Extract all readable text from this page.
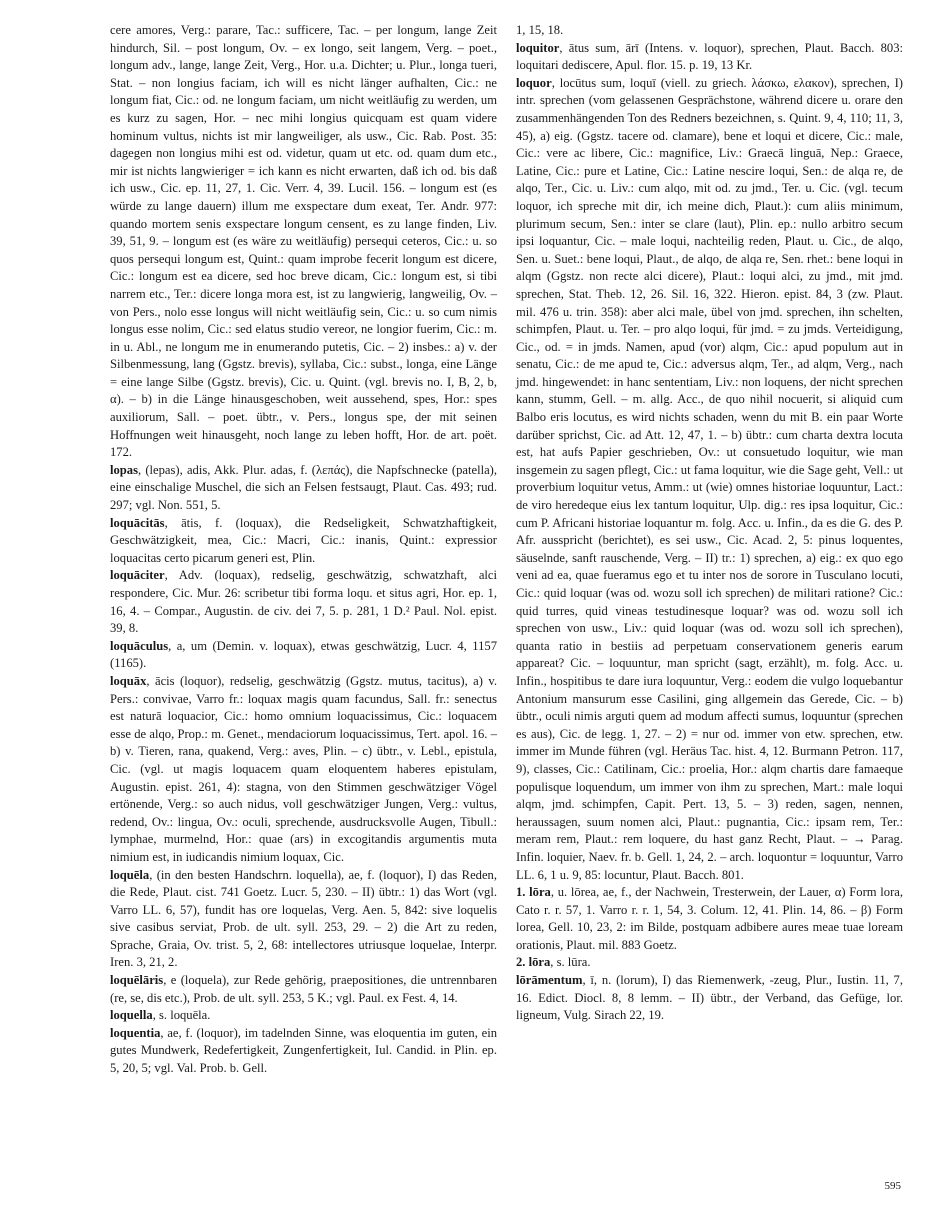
cere amores, Verg.: parare, Tac.: sufficere, Tac. – per longum, lange Zeit hindurch, Sil. – post longum, Ov. – ex longo, seit langem, Verg. – poet., longum adv., lange, lange Zeit, Verg., Hor. u.a. Dichter; u. Plur., longa tueri, Stat. – non longius faciam, ich will es nicht länger aufhalten, Cic.: ne longum fiat, Cic.: od. ne longum faciam, um nicht weitläufig zu werden, um es kurz zu sagen, Hor. – nec mihi longius quicquam est quam videre hominum vultus, nichts ist mir langweiliger, als usw., Cic. Rab. Post. 35: dagegen non longius mihi est od. videtur, quam ut etc. od. quam dum etc., mir ist nichts langwieriger = ich kann es nicht erwarten, daß ich od. bis daß ich usw., Cic. ep. 11, 27, 1. Cic. Verr. 4, 39. Lucil. 156. – longum est (es würde zu lange dauern) illum me exspectare dum exeat, Ter. Andr. 977: quando mortem senis exspectare longum censent, es zu lange finden, Liv. 39, 51, 9. – longum est (es wäre zu weitläufig) persequi ceteros, Cic.: u. so quos persequi longum est, Quint.: quam improbe fecerit longum est dicere, Cic.: longum est ea dicere, sed hoc breve dicam, Cic.: longum est, si tibi narrem etc., Ter.: dicere longa mora est, ist zu langwierig, langweilig, Ov. – von Pers., nolo esse longus will nicht weitläufig sein, Cic.: u. so cum nimis longus esse nolim, Cic.: sed elatus studio vereor, ne longior fuerim, Cic.: m. in u. Abl., ne longum me in enumerando putetis, Cic. – 2) insbes.: a) v. der Silbenmessung, lang (Ggstz. brevis), syllaba, Cic.: subst., longa, eine Länge = eine lange Silbe (Ggstz. brevis), Cic. u. Quint. (vgl. brevis no. I, B, 2, b, α). – b) in die Länge hinausgeschoben, weit aussehend, spes, Hor.: spes auxiliorum, Sall. – poet. übtr., v. Pers., longus spe, der mit seinen Hoffnungen weit hinausgeht, noch lange zu leben hofft, Hor. de art. poët. 172.

lopas, (lepas), adis, Akk. Plur. adas, f. (λεπάς), die Napfschnecke (patella), eine einschalige Muschel, die sich an Felsen festsaugt, Plaut. Cas. 493; rud. 297; vgl. Non. 551, 5.

loquācitās, ātis, f. (loquax), die Redseligkeit, Schwatzhaftigkeit, Geschwätzigkeit, mea, Cic.: Macri, Cic.: inanis, Quint.: expressior loquacitas certo picarum generi est, Plin.

loquāciter, Adv. (loquax), redselig, geschwätzig, schwatzhaft, alci respondere, Cic. Mur. 26: scribetur tibi forma loqu. et situs agri, Hor. ep. 1, 16, 4. – Compar., Augustin. de civ. dei 7, 5. p. 281, 1 D.² Paul. Nol. epist. 39, 8.

loquāculus, a, um (Demin. v. loquax), etwas geschwätzig, Lucr. 4, 1157 (1165).

loquāx, ācis (loquor), redselig, geschwätzig (Ggstz. mutus, tacitus), a) v. Pers.: convivae, Varro fr.: loquax magis quam facundus, Sall. fr.: senectus est naturā loquacior, Cic.: homo omnium loquacissimus, Cic.: loquacem esse de alqo, Prop.: m. Genet., mendaciorum loquacissimus, Tert. apol. 16. – b) v. Tieren, rana, quakend, Verg.: aves, Plin. – c) übtr., v. Lebl., epistula, Cic. (vgl. ut magis loquacem quam eloquentem haberes epistulam, Augustin. epist. 261, 4): stagna, von den Stimmen geschwätziger Vögel ertönende, Verg.: so auch nidus, voll geschwätziger Jungen, Verg.: vultus, redend, Ov.: lingua, Ov.: oculi, sprechende, ausdrucksvolle Augen, Tibull.: lymphae, murmelnd, Hor.: quae (ars) in excogitandis argumentis muta nimium est, in iudicandis nimium loquax, Cic.

loquēla, (in den besten Handschrn. loquella), ae, f. (loquor), I) das Reden, die Rede, Plaut. cist. 741 Goetz. Lucr. 5, 230. – II) übtr.: 1) das Wort (vgl. Varro LL. 6, 57), fundit has ore loquelas, Verg. Aen. 5, 842: sive loquelis sive casibus serviat, Prob. de ult. syll. 253, 29. – 2) die Art zu reden, Sprache, Graia, Ov. trist. 5, 2, 68: intellectores utriusque loquelae, Interpr. Iren. 3, 21, 2.

loquēlāris, e (loquela), zur Rede gehörig, praepositiones, die untrennbaren (re, se, dis etc.), Prob. de ult. syll. 253, 5 K.; vgl. Paul. ex Fest. 4, 14.

loquella, s. loquēla.

loquentia, ae, f. (loquor), im tadelnden Sinne, was eloquentia im guten, ein gutes Mundwerk, Redefertigkeit, Zungenfertigkeit, Iul. Candid. in Plin. ep. 5, 20, 5; vgl. Val. Prob. b. Gell.

1, 15, 18.

loquitor, ātus sum, ārī (Intens. v. loquor), sprechen, Plaut. Bacch. 803: loquitari dediscere, Apul. flor. 15. p. 19, 13 Kr.

loquor, locūtus sum, loquī (viell. zu griech. λάσκω, ελακον), sprechen, I) intr. sprechen (vom gelassenen Gesprächstone, während dicere u. orare den zusammenhängenden Ton des Redners bezeichnen, s. Quint. 9, 4, 110; 11, 3, 45), a) eig. (Ggstz. tacere od. clamare), bene et loqui et dicere, Cic.: male, Cic.: vere ac libere, Cic.: magnifice, Liv.: Graecā linguā, Nep.: Graece, Latine, Cic.: pure et Latine, Cic.: Latine nescire loqui, Sen.: de alqa re, de alqo, Ter., Cic. u. Liv.: cum alqo, mit od. zu jmd., Ter. u. Cic. (vgl. tecum loquor, ich spreche mit dir, ich meine dich, Plaut.): cum aliis minimum, plurimum secum, Sen.: inter se clare (laut), Plin. ep.: nullo arbitro secum ipsi loquantur, Cic. – male loqui, nachteilig reden, Plaut. u. Cic., de alqo, Sen. u. Suet.: bene loqui, Plaut., de alqo, de alqa re, Sen. rhet.: bene loqui in alqm (Ggstz. non recte alci dicere), Plaut.: loqui alci, zu jmd., mit jmd. sprechen, Stat. Theb. 12, 26. Sil. 16, 322. Hieron. epist. 84, 3 (zw. Plaut. mil. 476 u. trin. 358): aber alci male, übel von jmd. sprechen, ihn schelten, schimpfen, Plaut. u. Ter. – pro alqo loqui, für jmd. = zu jmds. Verteidigung, Cic., od. = in jmds. Namen, apud (vor) alqm, Cic.: apud populum aut in senatu, Cic.: de me apud te, Cic.: adversus alqm, Ter., ad alqm, Verg., nach jmd. hingewendet: in hanc sententiam, Liv.: non loquens, der nicht sprechen kann, stumm, Gell. – m. allg. Acc., de quo nihil nocuerit, si aliquid cum Balbo eris locutus, es wird nichts schaden, wenn du mit B. ein paar Worte darüber sprichst, Cic. ad Att. 12, 47, 1. – b) übtr.: cum charta dextra locuta est, hat aufs Papier geschrieben, Ov.: ut consuetudo loquitur, wie man insgemein zu sagen pflegt, Cic.: ut fama loquitur, wie die Sage geht, Vell.: ut proverbium loquitur vetus, Amm.: ut (wie) omnes historiae loquuntur, Lact.: de viro heredeque eius lex tantum loquitur, Ulp. dig.: res ipsa loquitur, Cic.: cum P. Africani historiae loquantur m. folg. Acc. u. Infin., da es die G. des P. Afr. ausspricht (berichtet), es sei usw., Cic. Acad. 2, 5: pinus loquentes, säuselnde, sanft rauschende, Verg. – II) tr.: 1) sprechen, a) eig.: ex quo ego veni ad ea, quae fueramus ego et tu inter nos de sorore in Tusculano locuti, Cic.: quid loquar (was od. wozu soll ich sprechen) de militari ratione? Cic.: quid turres, quid vineas testudinesque loquar? was od. wozu soll ich sprechen von usw., Liv.: quid loquar (was od. wozu soll ich sprechen), quanta ratio in bestiis ad perpetuam conservationem generis earum appareat? Cic. – loquuntur, man spricht (sagt, erzählt), m. folg. Acc. u. Infin., hospitibus te dare iura loquuntur, Verg.: eodem die vulgo loquebantur Antonium mansurum esse Casilini, ging allgemein das Gerede, Cic. – b) übtr., oculi nimis arguti quem ad modum affecti sumus, loquuntur (sprechen es aus), Cic. de legg. 1, 27. – 2) = nur od. immer von etw. sprechen, etw. immer im Munde führen (vgl. Heräus Tac. hist. 4, 12. Burmann Petron. 117, 9), classes, Cic.: Catilinam, Cic.: proelia, Hor.: alqm chartis dare famaeque populisque loquendum, um immer von ihm zu sprechen, Mart.: male loqui alqm, jmd. schimpfen, Capit. Pert. 13, 5. – 3) reden, sagen, nennen, heraussagen, suum nomen alci, Plaut.: pugnantia, Cic.: ipsam rem, Ter.: meram rem, Plaut.: rem loquere, du hast ganz Recht, Plaut. – → Parag. Infin. loquier, Naev. fr. b. Gell. 1, 24, 2. – arch. loquontur = loquuntur, Varro LL. 6, 1 u. 9, 85: locuntur, Plaut. Bacch. 801.

1. lōra, u. lōrea, ae, f., der Nachwein, Tresterwein, der Lauer, α) Form lora, Cato r. r. 57, 1. Varro r. r. 1, 54, 3. Colum. 12, 41. Plin. 14, 86. – β) Form lorea, Gell. 10, 23, 2: im Bilde, postquam adbibere aures meae tuae loream orationis, Plaut. mil. 883 Goetz.

2. lōra, s. lūra.

lōrāmentum, ī, n. (lorum), I) das Riemenwerk, -zeug, Plur., Iustin. 11, 7, 16. Edict. Diocl. 8, 8 lemm. – II) übtr., der Verband, das Gefüge, lor. ligneum, Vulg. Sirach 22, 19.

595
